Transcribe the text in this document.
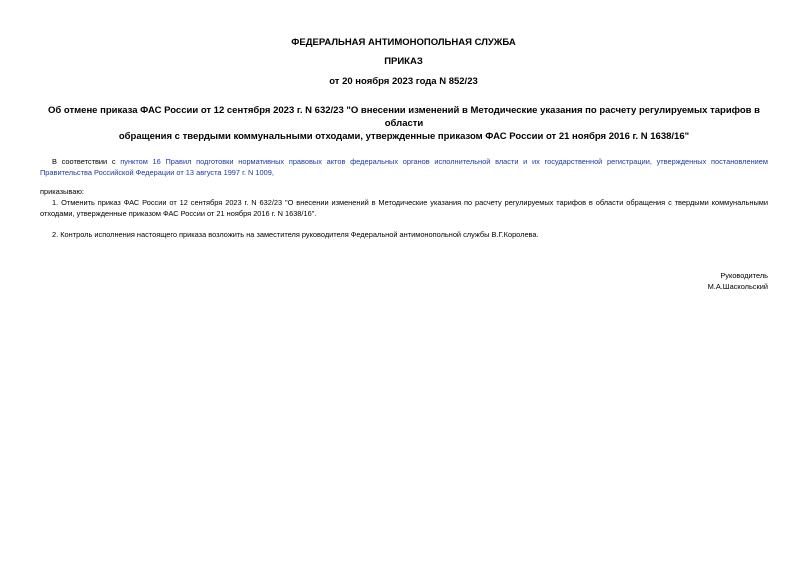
ФЕДЕРАЛЬНАЯ АНТИМОНОПОЛЬНАЯ СЛУЖБА
ПРИКАЗ
от 20 ноября 2023 года N 852/23
Об отмене приказа ФАС России от 12 сентября 2023 г. N 632/23 "О внесении изменений в Методические указания по расчету регулируемых тарифов в области
обращения с твердыми коммунальными отходами, утвержденные приказом ФАС России от 21 ноября 2016 г. N 1638/16"
В соответствии с пунктом 16 Правил подготовки нормативных правовых актов федеральных органов исполнительной власти и их государственной регистрации, утвержденных постановлением Правительства Российской Федерации от 13 августа 1997 г. N 1009,
приказываю:
1. Отменить приказ ФАС России от 12 сентября 2023 г. N 632/23 "О внесении изменений в Методические указания по расчету регулируемых тарифов в области обращения с твердыми коммунальными отходами, утвержденные приказом ФАС России от 21 ноября 2016 г. N 1638/16".
2. Контроль исполнения настоящего приказа возложить на заместителя руководителя Федеральной антимонопольной службы В.Г.Королева.
Руководитель
М.А.Шаскольский
